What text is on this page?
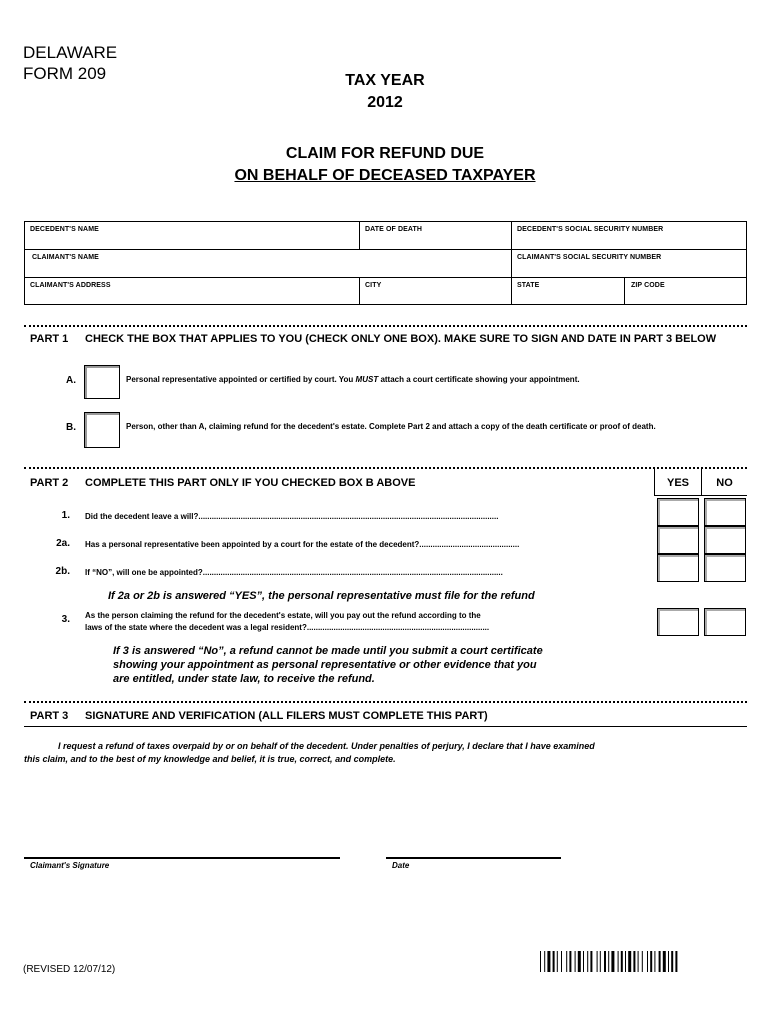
DELAWARE
FORM 209	TAX YEAR
2012
CLAIM FOR REFUND DUE
ON BEHALF OF DECEASED TAXPAYER
DECEDENT'S NAME	DATE OF DEATH	DECEDENT'S SOCIAL SECURITY NUMBER
CLAIMANT'S NAME	CLAIMANT'S SOCIAL SECURITY NUMBER
CLAIMANT'S ADDRESS	CITY	STATE	ZIP CODE
PART 1 CHECK THE BOX THAT APPLIES TO YOU (CHECK ONLY ONE BOX). MAKE SURE TO SIGN AND DATE IN PART 3 BELOW
A.	Personal representative appointed or certified by court. You MUST attach a court certificate showing your appointment.
B.	Person, other than A, claiming refund for the decedent's estate. Complete Part 2 and attach a copy of the death certificate or proof of death.
PART 2 COMPLETE THIS PART ONLY IF YOU CHECKED BOX B ABOVE	YES	NO
1. Did the decedent leave a will?.......................................................................................................................................
2a. Has a personal representative been appointed by a court for the estate of the decedent?.............................................
2b. If “NO”, will one be appointed?.......................................................................................................................................
If 2a or 2b is answered “YES”, the personal representative must file for the refund
3. As the person claiming the refund for the decedent's estate, will you pay out the refund according to the
laws of the state where the decedent was a legal resident?..................................................................................
If 3 is answered “No”, a refund cannot be made until you submit a court certificate
showing your appointment as personal representative or other evidence that you
are entitled, under state law, to receive the refund.
PART 3 SIGNATURE AND VERIFICATION (ALL FILERS MUST COMPLETE THIS PART)
I request a refund of taxes overpaid by or on behalf of the decedent. Under penalties of perjury, I declare that I have examined
this claim, and to the best of my knowledge and belief, it is true, correct, and complete.
Claimant's Signature	Date
(REVISED 12/07/12)
